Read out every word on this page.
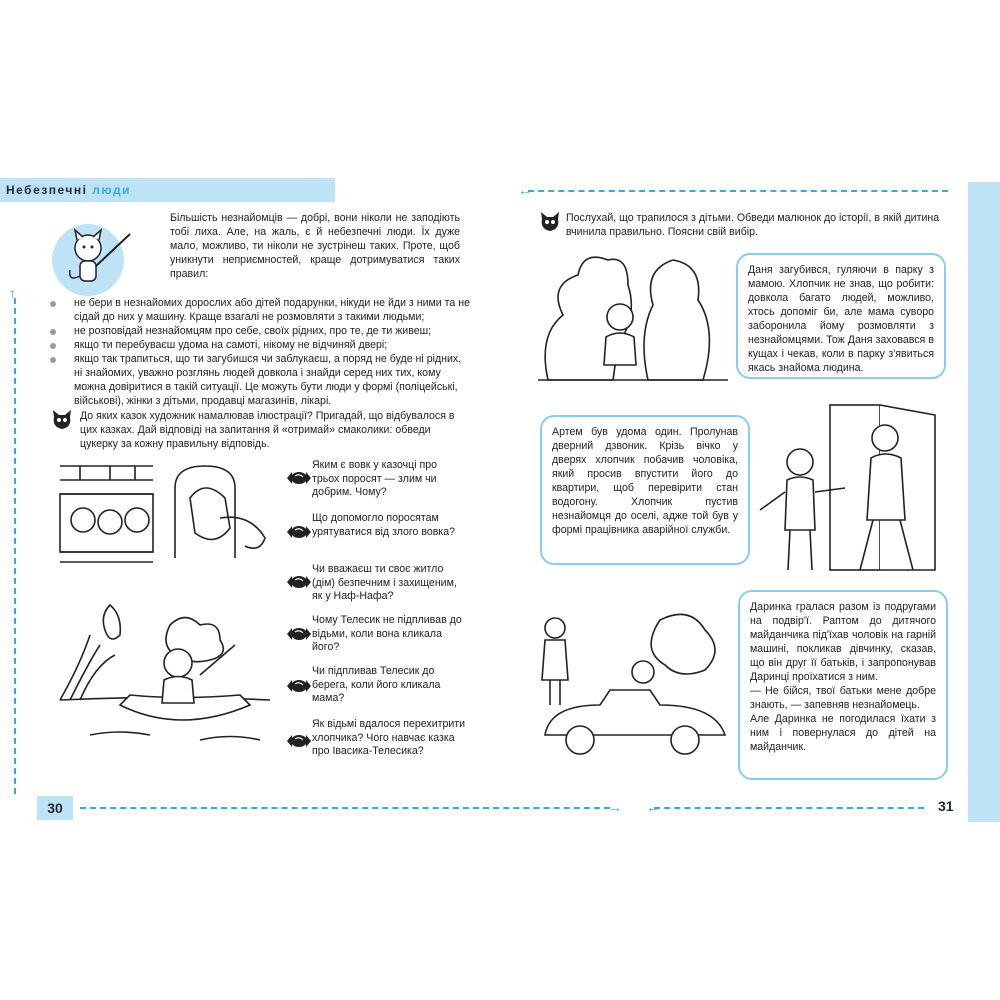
Небезпечні люди
↑
→
←
←
Більшість незнайомців — добрі, вони ніколи не заподіють тобі лиха. Але, на жаль, є й небезпечні люди. Їх дуже мало, можливо, ти ніколи не зустрінеш таких. Проте, щоб уникнути неприємностей, краще дотримуватися таких правил:
не бери в незнайомих дорослих або дітей подарунки, нікуди не йди з ними та не сідай до них у машину. Краще взагалі не розмовляти з такими людьми;
не розповідай незнайомцям про себе, своїх рідних, про те, де ти живеш;
якщо ти перебуваєш удома на самоті, нікому не відчиняй двері;
якщо так трапиться, що ти загубишся чи заблукаєш, а поряд не буде ні рідних, ні знайомих, уважно розглянь людей довкола і знайди серед них тих, кому можна довіритися в такій ситуації. Це можуть бути люди у формі (поліцейські, військові), жінки з дітьми, продавці магазинів, лікарі.
До яких казок художник намалював ілюстрації? Пригадай, що відбувалося в цих казках. Дай відповіді на запитання й «отримай» смаколики: обведи цукерку за кожну правильну відповідь.
Яким є вовк у казочці про трьох поросят — злим чи добрим. Чому?
Що допомогло поросятам урятуватися від злого вовка?
Чи вважаєш ти своє житло (дім) безпечним і захищеним, як у Наф-Нафа?
Чому Телесик не підпливав до відьми, коли вона кликала його?
Чи підпливав Телесик до берега, коли його кликала мама?
Як відьмі вдалося перехитрити хлопчика? Чого навчає казка про Івасика-Телесика?
30
Послухай, що трапилося з дітьми. Обведи малюнок до історії, в якій дитина вчинила правильно. Поясни свій вибір.
Даня загубився, гуляючи в парку з мамою. Хлопчик не знав, що робити: довкола багато людей, можливо, хтось допоміг би, але мама суворо заборонила йому розмовляти з незнайомцями. Тож Даня заховався в кущах і чекав, коли в парку з'явиться якась знайома людина.
Артем був удома один. Пролунав дверний дзвоник. Крізь вічко у дверях хлопчик побачив чоловіка, який просив впустити його до квартири, щоб перевірити стан водогону. Хлопчик пустив незнайомця до оселі, адже той був у формі працівника аварійної служби.
Даринка гралася разом із подругами на подвір'ї. Раптом до дитячого майданчика під'їхав чоловік на гарній машині, покликав дівчинку, сказав, що він друг її батьків, і запропонував Даринці проїхатися з ним.
— Не бійся, твої батьки мене добре знають, — запевняв незнайомець.
Але Даринка не погодилася їхати з ним і повернулася до дітей на майданчик.
31
